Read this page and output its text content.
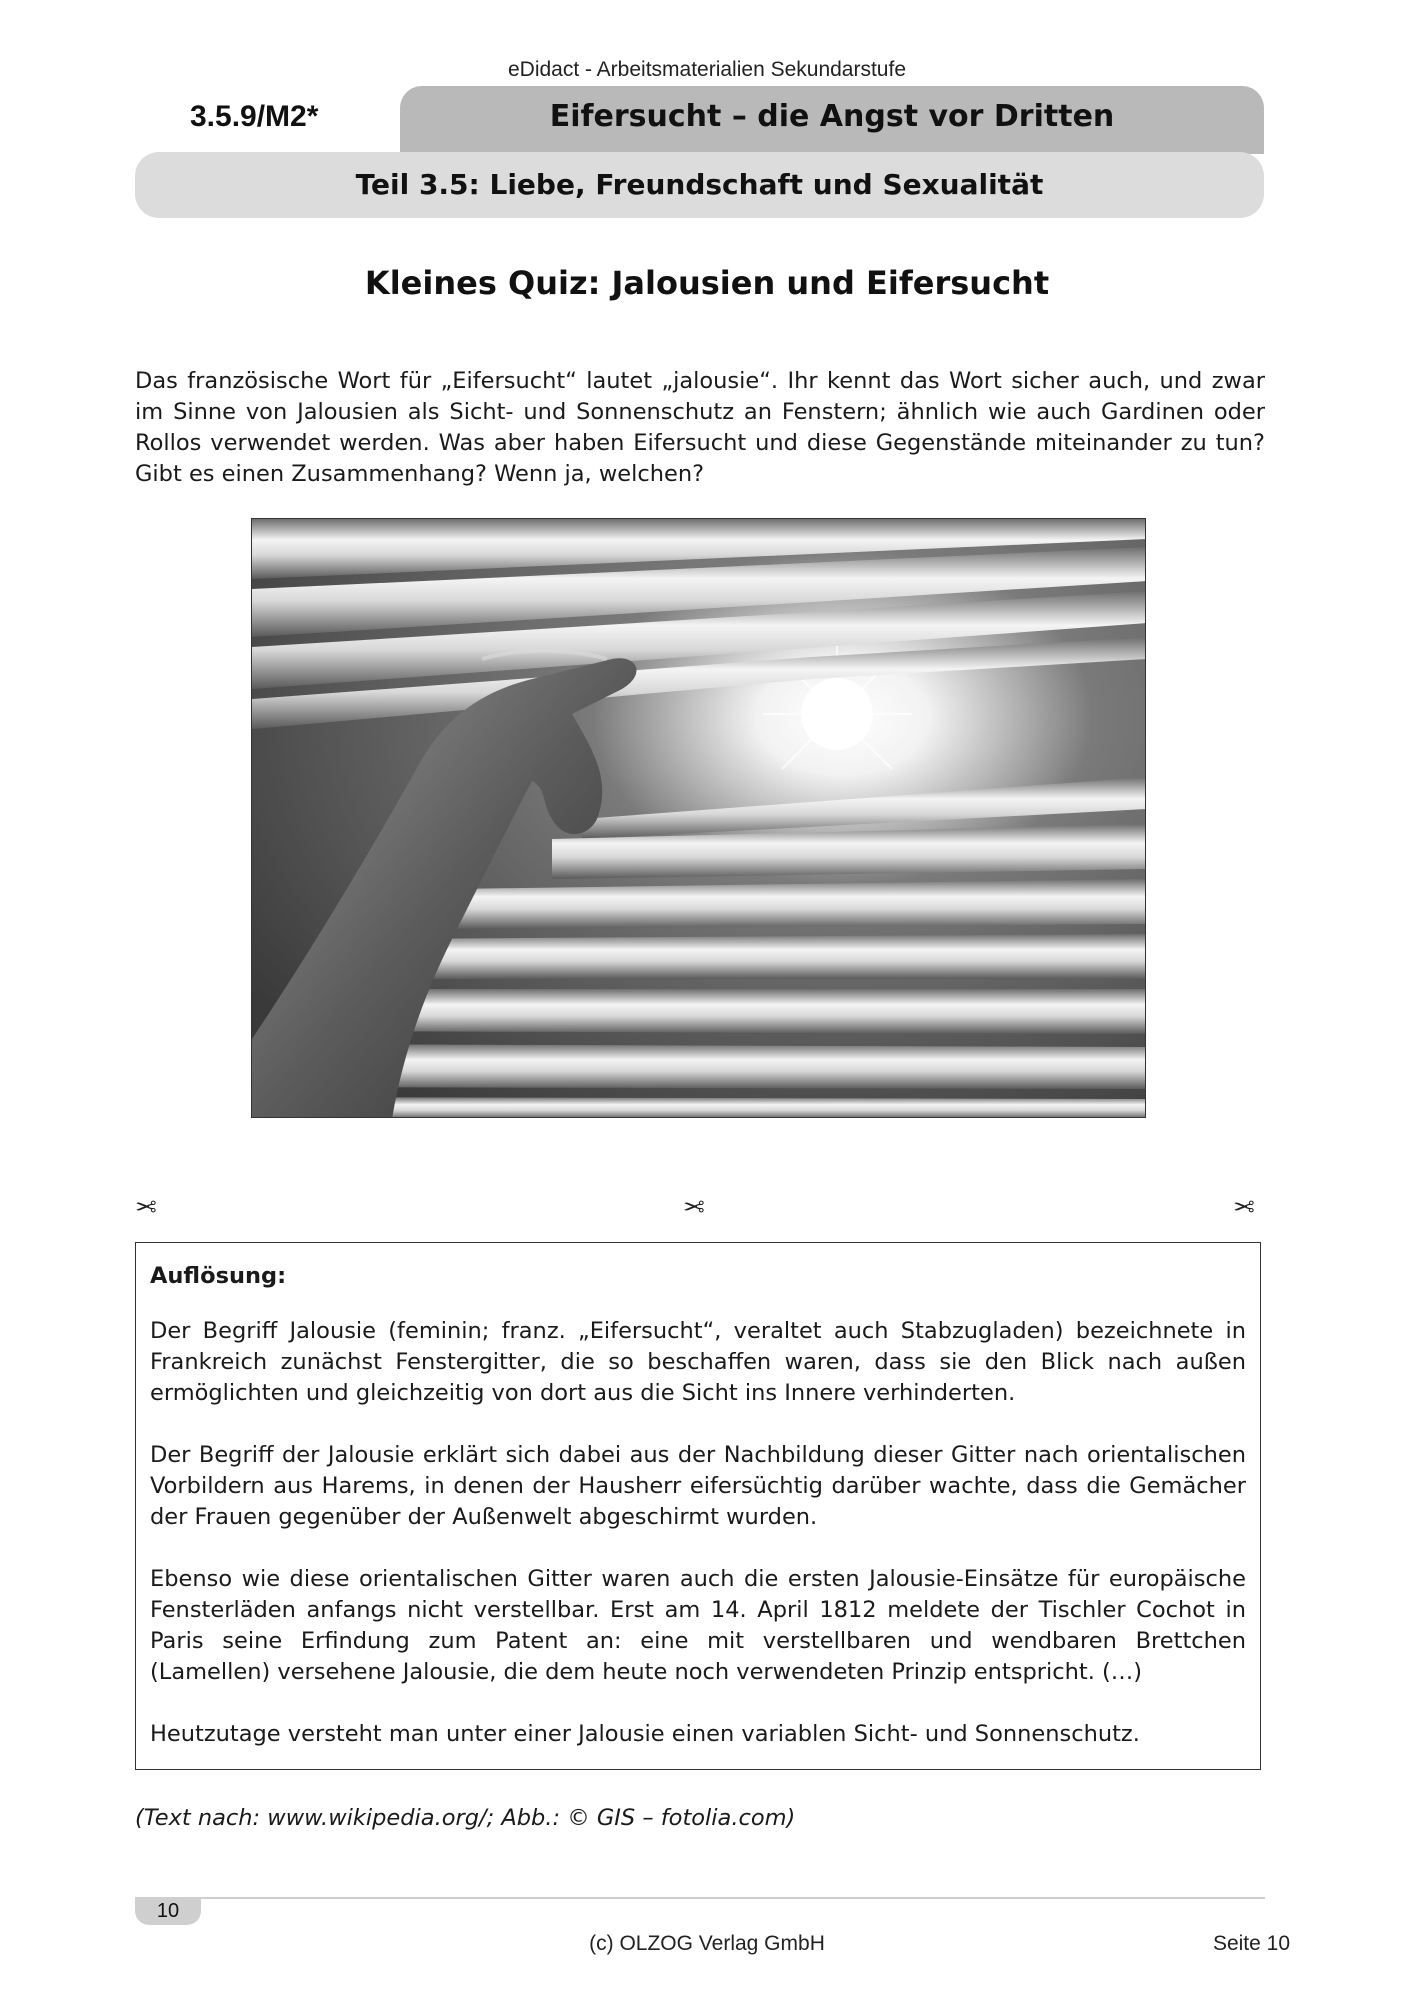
eDidact - Arbeitsmaterialien Sekundarstufe
3.5.9/M2*	Eifersucht – die Angst vor Dritten
Teil 3.5: Liebe, Freundschaft und Sexualität
Kleines Quiz: Jalousien und Eifersucht

Das französische Wort für „Eifersucht“ lautet „jalousie“. Ihr kennt das Wort sicher auch, und zwar im Sinne von Jalousien als Sicht- und Sonnenschutz an Fenstern; ähnlich wie auch Gardinen oder Rollos verwendet werden. Was aber haben Eifersucht und diese Gegenstände miteinander zu tun? Gibt es einen Zusammenhang? Wenn ja, welchen?

✂	✂	✂
Auflösung:

Der Begriff Jalousie (feminin; franz. „Eifersucht“, veraltet auch Stabzugladen) bezeichnete in Frankreich zunächst Fenstergitter, die so beschaffen waren, dass sie den Blick nach außen ermöglichten und gleichzeitig von dort aus die Sicht ins Innere verhinderten.

Der Begriff der Jalousie erklärt sich dabei aus der Nachbildung dieser Gitter nach orientalischen Vorbildern aus Harems, in denen der Hausherr eifersüchtig darüber wachte, dass die Gemächer der Frauen gegenüber der Außenwelt abgeschirmt wurden.

Ebenso wie diese orientalischen Gitter waren auch die ersten Jalousie-Einsätze für europäische Fensterläden anfangs nicht verstellbar. Erst am 14. April 1812 meldete der Tischler Cochot in Paris seine Erfindung zum Patent an: eine mit verstellbaren und wendbaren Brettchen (Lamellen) versehene Jalousie, die dem heute noch verwendeten Prinzip entspricht. (…)

Heutzutage versteht man unter einer Jalousie einen variablen Sicht- und Sonnenschutz.

(Text nach: www.wikipedia.org/; Abb.: © GIS – fotolia.com)
10
(c) OLZOG Verlag GmbH	Seite 10
